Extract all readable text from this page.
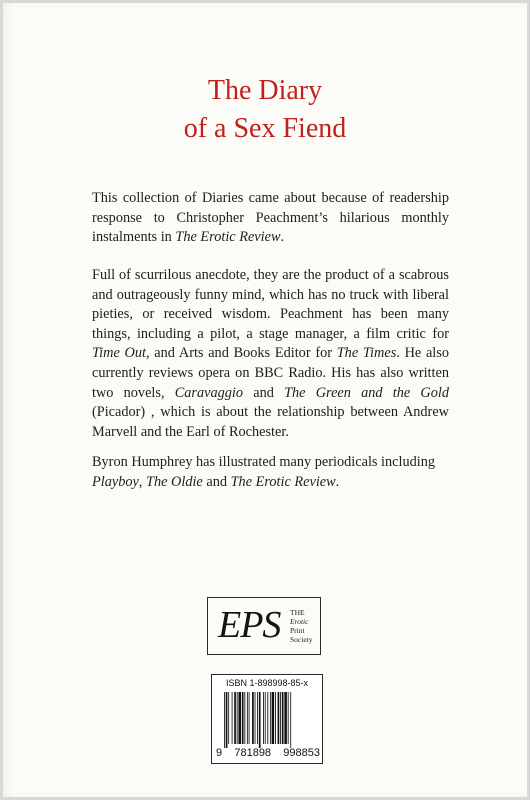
The Diary
of a Sex Fiend

This collection of Diaries came about because of readership response to Christopher Peachment’s hilarious monthly instalments in The Erotic Review.

Full of scurrilous anecdote, they are the product of a scabrous and outrageously funny mind, which has no truck with liberal pieties, or received wisdom. Peachment has been many things, including a pilot, a stage manager, a film critic for Time Out, and Arts and Books Editor for The Times. He also currently reviews opera on BBC Radio. His has also written two novels, Caravaggio and The Green and the Gold (Picador) , which is about the relationship between Andrew Marvell and the Earl of Rochester.

Byron Humphrey has illustrated many periodicals including Playboy, The Oldie and The Erotic Review.

EPS THE
Erotic
Print
Society
ISBN 1-898998-85-x
9 781898 998853
